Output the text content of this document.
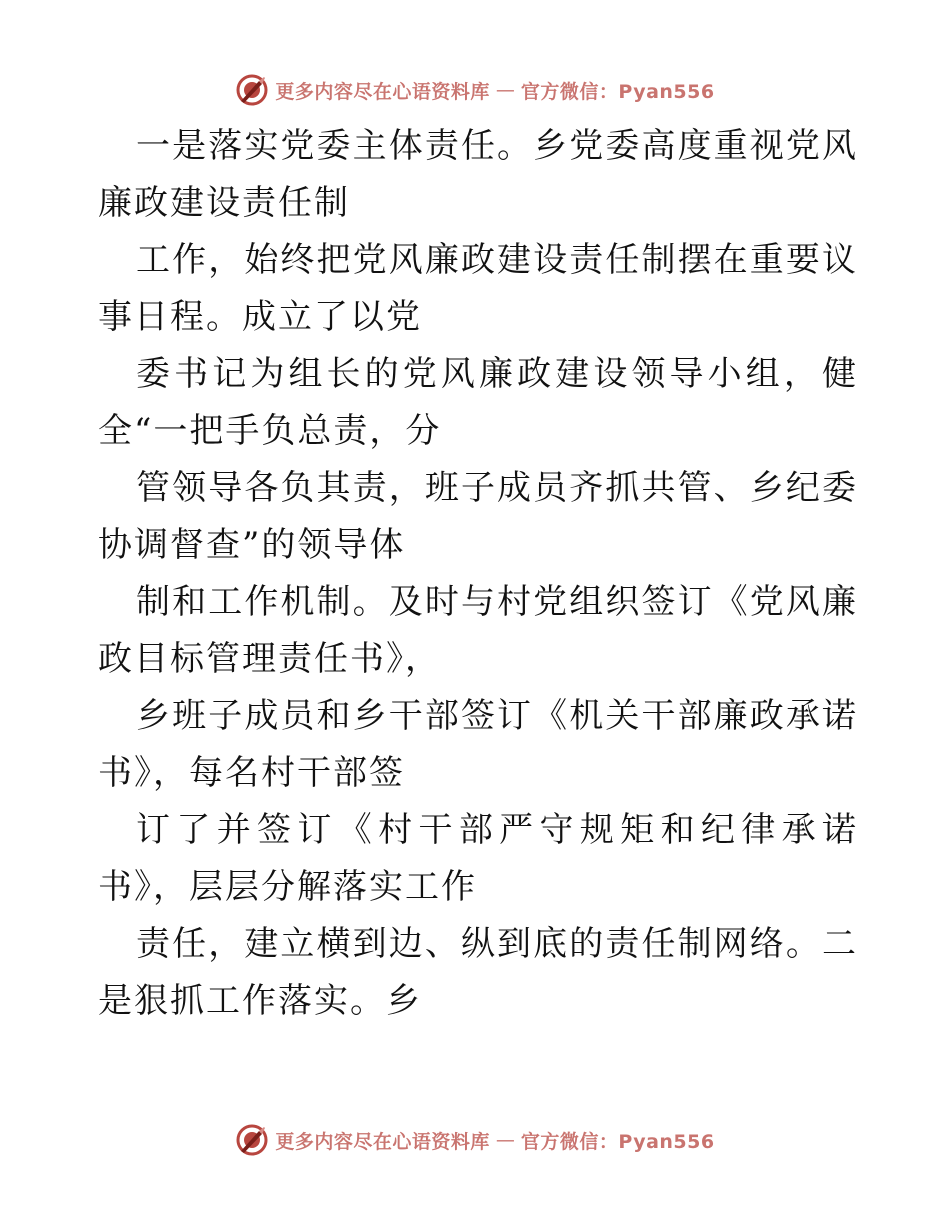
更多内容尽在心语资料库 — 官方微信：Pyan556

一是落实党委主体责任。乡党委高度重视党风廉政建设责任制

工作，始终把党风廉政建设责任制摆在重要议事日程。成立了以党

委书记为组长的党风廉政建设领导小组，健全“一把手负总责，分

管领导各负其责，班子成员齐抓共管、乡纪委协调督查”的领导体

制和工作机制。及时与村党组织签订《党风廉政目标管理责任书》，

乡班子成员和乡干部签订《机关干部廉政承诺书》，每名村干部签

订了并签订《村干部严守规矩和纪律承诺书》，层层分解落实工作

责任，建立横到边、纵到底的责任制网络。二是狠抓工作落实。乡

更多内容尽在心语资料库 — 官方微信：Pyan556
